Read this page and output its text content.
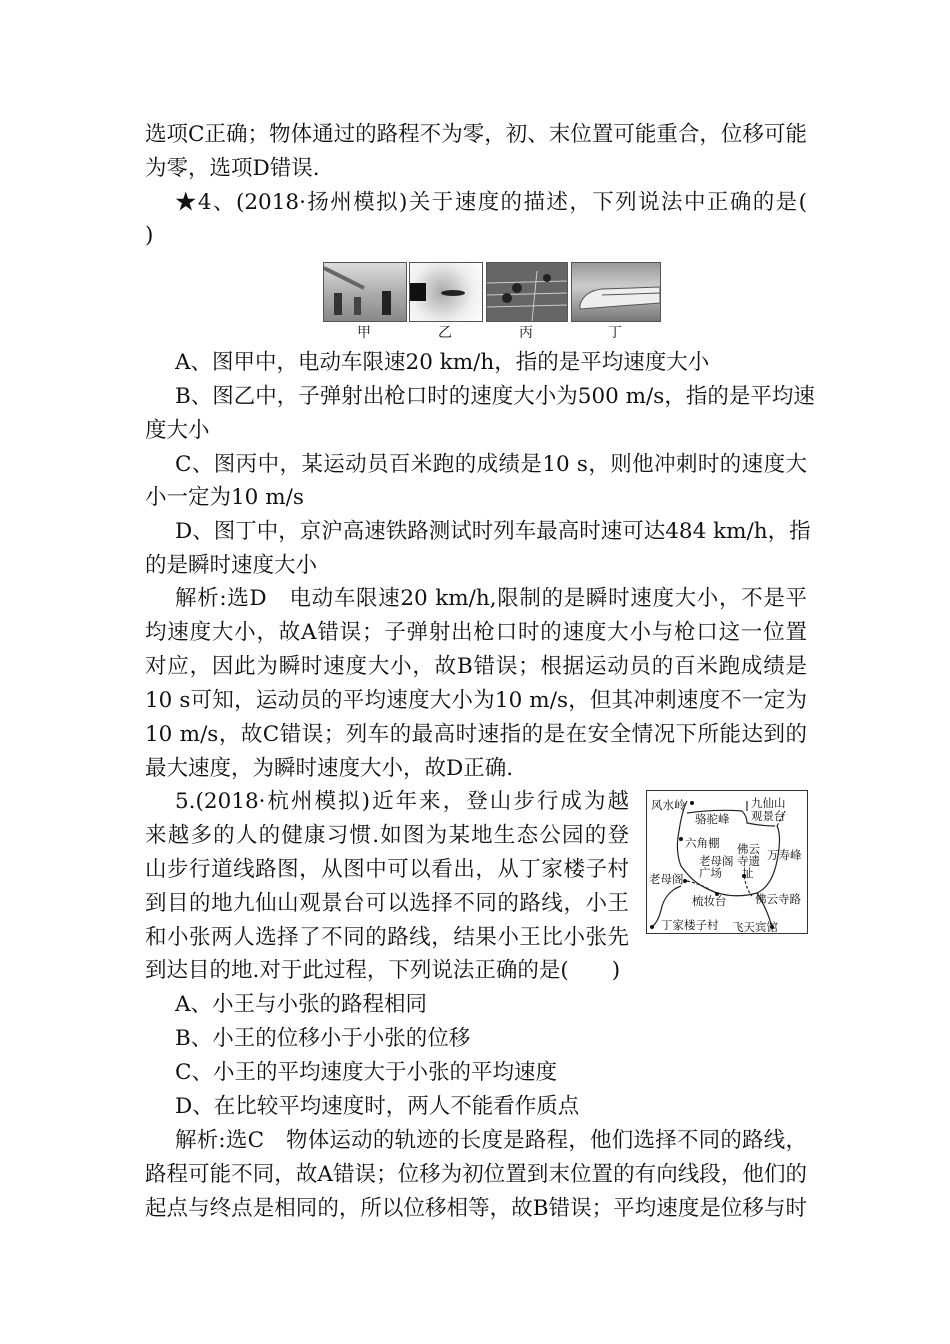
选项C正确；物体通过的路程不为零，初、末位置可能重合，位移可能
为零，选项D错误.
★4、(2018·扬州模拟)关于速度的描述，下列说法中正确的是(
)
甲	乙	丙	丁
A、图甲中，电动车限速20 km/h，指的是平均速度大小
B、图乙中，子弹射出枪口时的速度大小为500 m/s，指的是平均速
度大小
C、图丙中，某运动员百米跑的成绩是10 s，则他冲刺时的速度大
小一定为10 m/s
D、图丁中，京沪高速铁路测试时列车最高时速可达484 km/h，指
的是瞬时速度大小
解析:选D　电动车限速20 km/h,限制的是瞬时速度大小，不是平
均速度大小，故A错误；子弹射出枪口时的速度大小与枪口这一位置
对应，因此为瞬时速度大小，故B错误；根据运动员的百米跑成绩是
10 s可知，运动员的平均速度大小为10 m/s，但其冲刺速度不一定为
10 m/s，故C错误；列车的最高时速指的是在安全情况下所能达到的
最大速度，为瞬时速度大小，故D正确.
5.(2018·杭州模拟)近年来，登山步行成为越
来越多的人的健康习惯.如图为某地生态公园的登
山步行道线路图，从图中可以看出，从丁家楼子村
到目的地九仙山观景台可以选择不同的路线，小王
和小张两人选择了不同的路线，结果小王比小张先
到达目的地.对于此过程，下列说法正确的是(　　)
风水岭	九仙山
观景台
骆驼峰
六角棚
老母阁
广场
佛云
寺遗
址
万寿峰
老母阁
梳妆台 佛云寺路
丁家楼子村 飞天宾馆
A、小王与小张的路程相同
B、小王的位移小于小张的位移
C、小王的平均速度大于小张的平均速度
D、在比较平均速度时，两人不能看作质点
解析:选C　物体运动的轨迹的长度是路程，他们选择不同的路线，
路程可能不同，故A错误；位移为初位置到末位置的有向线段，他们的
起点与终点是相同的，所以位移相等，故B错误；平均速度是位移与时
